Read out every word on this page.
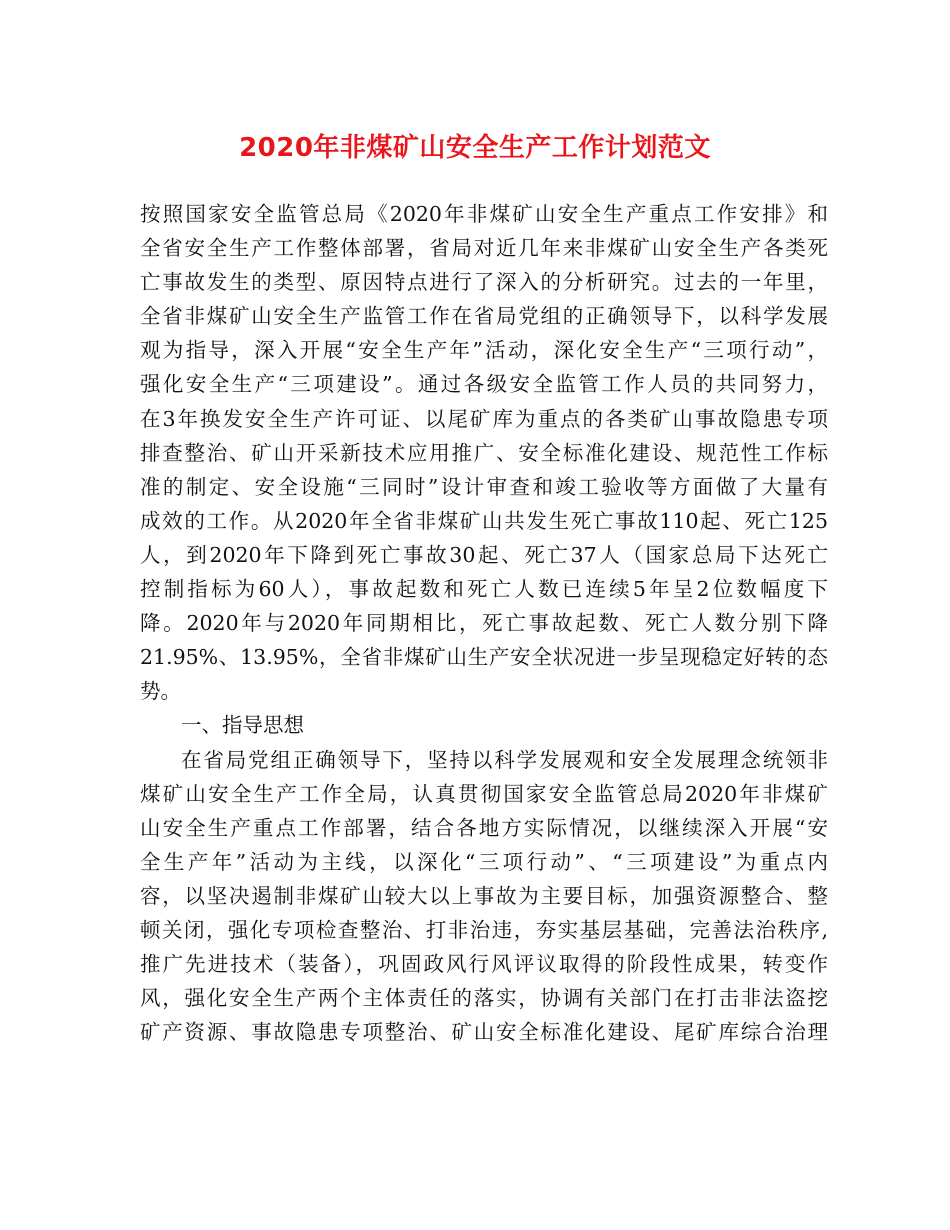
2020年非煤矿山安全生产工作计划范文
按照国家安全监管总局《2020年非煤矿山安全生产重点工作安排》和
全省安全生产工作整体部署，省局对近几年来非煤矿山安全生产各类死
亡事故发生的类型、原因特点进行了深入的分析研究。过去的一年里，
全省非煤矿山安全生产监管工作在省局党组的正确领导下，以科学发展
观为指导，深入开展“安全生产年”活动，深化安全生产“三项行动”，
强化安全生产“三项建设”。通过各级安全监管工作人员的共同努力，
在3年换发安全生产许可证、以尾矿库为重点的各类矿山事故隐患专项
排查整治、矿山开采新技术应用推广、安全标准化建设、规范性工作标
准的制定、安全设施“三同时”设计审查和竣工验收等方面做了大量有
成效的工作。从2020年全省非煤矿山共发生死亡事故110起、死亡125
人，到2020年下降到死亡事故30起、死亡37人（国家总局下达死亡
控制指标为60人），事故起数和死亡人数已连续5年呈2位数幅度下
降。2020年与2020年同期相比，死亡事故起数、死亡人数分别下降
21.95%、13.95%，全省非煤矿山生产安全状况进一步呈现稳定好转的态
势。
一、指导思想
在省局党组正确领导下，坚持以科学发展观和安全发展理念统领非
煤矿山安全生产工作全局，认真贯彻国家安全监管总局2020年非煤矿
山安全生产重点工作部署，结合各地方实际情况，以继续深入开展“安
全生产年”活动为主线，以深化“三项行动”、“三项建设”为重点内
容，以坚决遏制非煤矿山较大以上事故为主要目标，加强资源整合、整
顿关闭，强化专项检查整治、打非治违，夯实基层基础，完善法治秩序,
推广先进技术（装备），巩固政风行风评议取得的阶段性成果，转变作
风，强化安全生产两个主体责任的落实，协调有关部门在打击非法盗挖
矿产资源、事故隐患专项整治、矿山安全标准化建设、尾矿库综合治理
